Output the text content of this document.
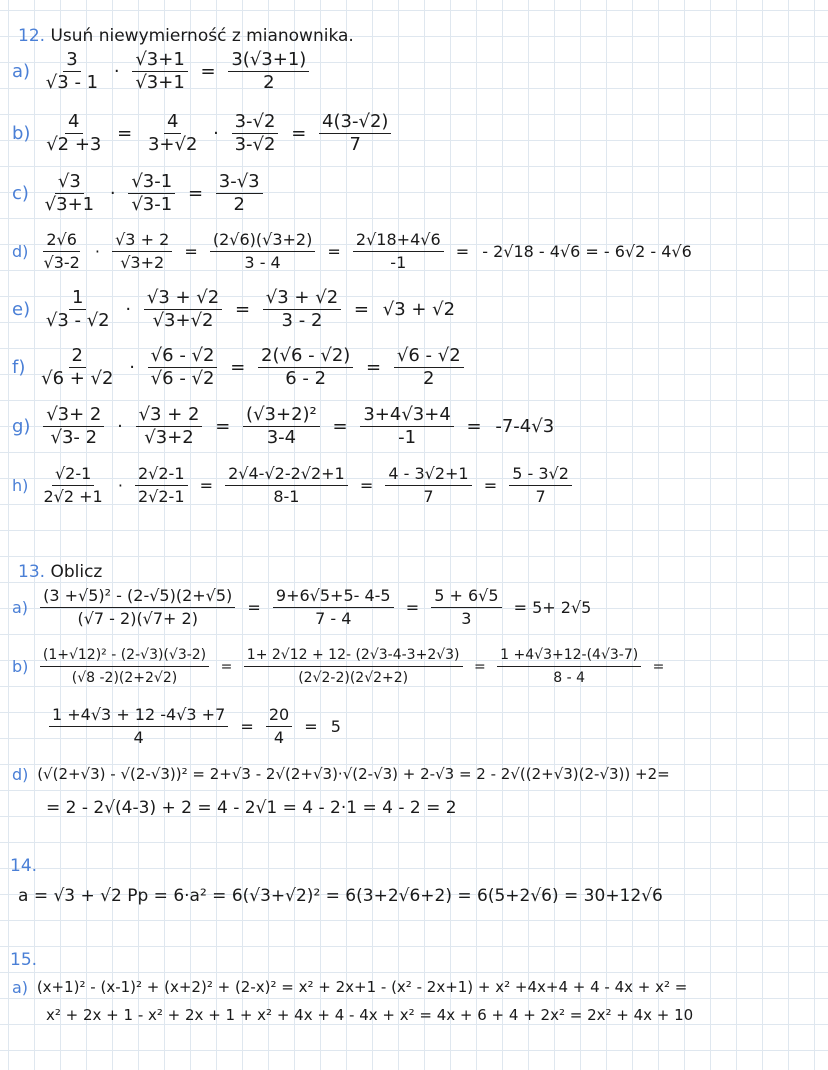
12. Usuń niewymierność z mianownika.
$a) \frac{3}{√3 - 1} \cdot \frac{√3+1}{√3+1} = \frac{3(√3+1)}{2}$
$b) \frac{4}{√2 +3} = \frac{4}{3+√2} \cdot \frac{3-√2}{3-√2} = \frac{4(3-√2)}{7}$
$c) \frac{√3}{√3+1} \cdot \frac{√3-1}{√3-1} = \frac{3-√3}{2}$
$d) \frac{2√6}{√3-2} \cdot \frac{√3 + 2}{√3+2} = \frac{(2√6)(√3+2)}{3 - 4} = \frac{2√18+4√6}{-1}$ = - 2√18 - 4√6 = - 6√2 - 4√6
$e) \frac{1}{√3 - √2} \cdot \frac{√3 + √2}{√3+√2} = \frac{√3 + √2}{3 - 2} = √3 + √2$
$f) \frac{2}{√6 + √2} \cdot \frac{√6 - √2}{√6 - √2} = \frac{2(√6 - √2)}{6 - 2} = \frac{√6 - √2}{2}$
$g) \frac{√3+ 2}{√3- 2} \cdot \frac{√3 + 2}{√3+2} = \frac{\text{(√3+2)²}}{3-4} = \frac{3+4√3+4}{-1} = -7-4√3$
$h) \frac{√2-1}{2√2 +1} \cdot \frac{2√2-1}{2√2-1} = \frac{2√4-√2-2√2+1}{8-1} = \frac{4 - 3√2+1}{7} = \frac{5 - 3√2}{7}$
13. Oblicz
$a) \frac{\text{(3 +√5)² - (2-√5)(2+√5)}}{(√7 - 2)(√7+ 2)} = \frac{9+6√5+5- 4-5}{7 - 4} = \frac{5 + 6√5}{3} = 5+ 2√5$
$b) \frac{\text{(1+√12)² - (2-√3)(√3-2)}}{(√8 -2)(2+2√2)} = \frac{1+ 2√12 + 12- (2√3-4-3+2√3)}{(2√2-2)(2√2+2)} = \frac{1 +4√3+12-(4√3-7)}{8 - 4}$ =
$\frac{1 +4√3 + 12 -4√3 +7}{4} = \frac{20}{4} = 5$
d) (√(2+√3) - √(2-√3))² = 2+√3 - 2√(2+√3)·√(2-√3) + 2-√3 = 2 - 2√((2+√3)(2-√3)) +2=
= 2 - 2√(4-3) + 2 = 4 - 2√1 = 4 - 2·1 = 4 - 2 = 2
14.
a = √3 + √2 Pp = 6·a² = 6(√3+√2)² = 6(3+2√6+2) = 6(5+2√6) = 30+12√6
15.
a) (x+1)² - (x-1)² + (x+2)² + (2-x)² = x² + 2x+1 - (x² - 2x+1) + x² +4x+4 + 4 - 4x + x² =
x² + 2x + 1 - x² + 2x + 1 + x² + 4x + 4 - 4x + x² = 4x + 6 + 4 + 2x² = 2x² + 4x + 10
